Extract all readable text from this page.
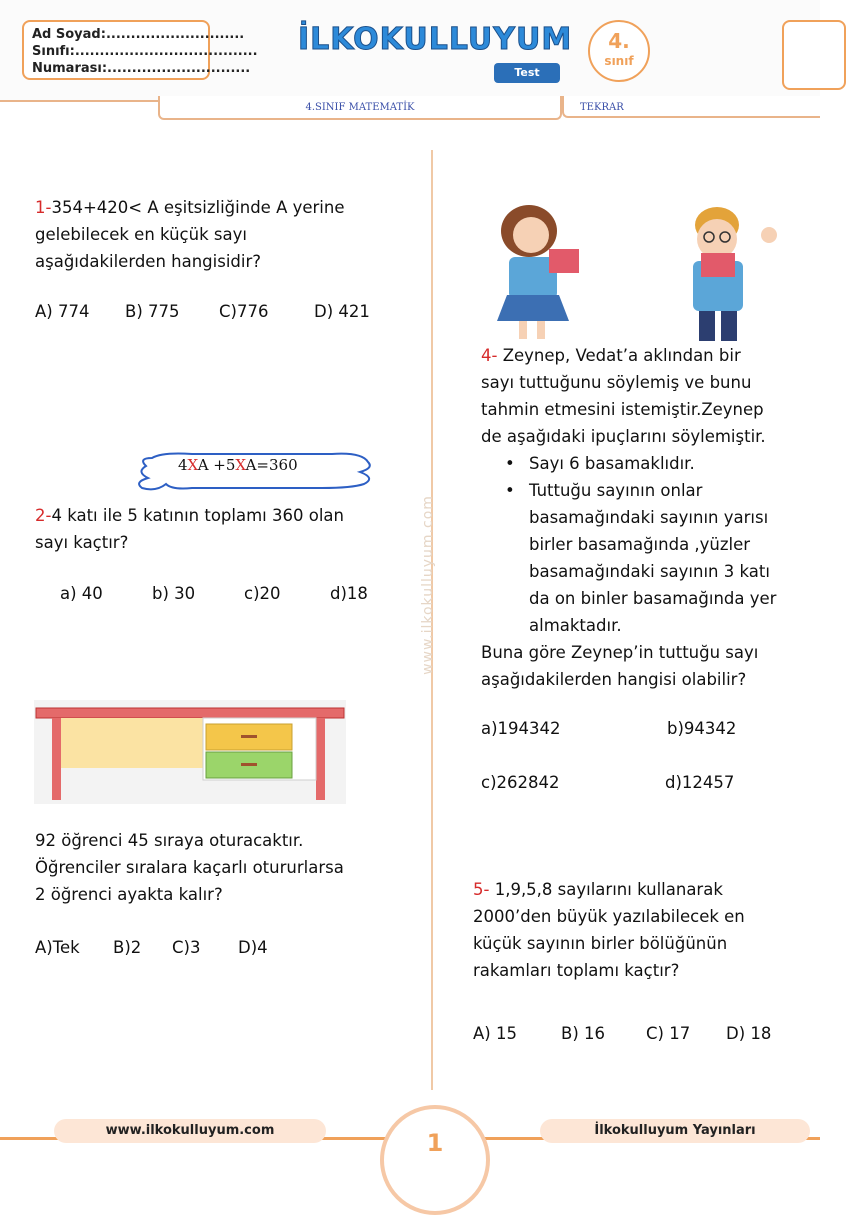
Ad Soyad:............................
Sınıfı:.....................................
Numarası:.............................
İLKOKULLUYUM
Test
4.
sınıf
4.SINIF MATEMATİK	TEKRAR
www.ilkokulluyum.com
1-354+420< A eşitsizliğinde A yerine
gelebilecek en küçük sayı
aşağıdakilerden hangisidir?
A) 774 B) 775 C)776	D) 421
4XA +5XA=360
2-4 katı ile 5 katının toplamı 360 olan
sayı kaçtır?
a) 40	b) 30	c)20	d)18
92 öğrenci 45 sıraya oturacaktır.
Öğrenciler sıralara kaçarlı otururlarsa
2 öğrenci ayakta kalır?
A)Tek B)2 C)3 D)4
4- Zeynep, Vedat’a aklından bir
sayı tuttuğunu söylemiş ve bunu
tahmin etmesini istemiştir.Zeynep
de aşağıdaki ipuçlarını söylemiştir.
• Sayı 6 basamaklıdır.
• Tuttuğu sayının onlar
basamağındaki sayının yarısı
birler basamağında ,yüzler
basamağındaki sayının 3 katı
da on binler basamağında yer
almaktadır.
Buna göre Zeynep’in tuttuğu sayı
aşağıdakilerden hangisi olabilir?
a)194342	b)94342
c)262842	d)12457
5- 1,9,5,8 sayılarını kullanarak
2000’den büyük yazılabilecek en
küçük sayının birler bölüğünün
rakamları toplamı kaçtır?
A) 15	B) 16 C) 17 D) 18
www.ilkokulluyum.com	İlkokulluyum Yayınları
1
